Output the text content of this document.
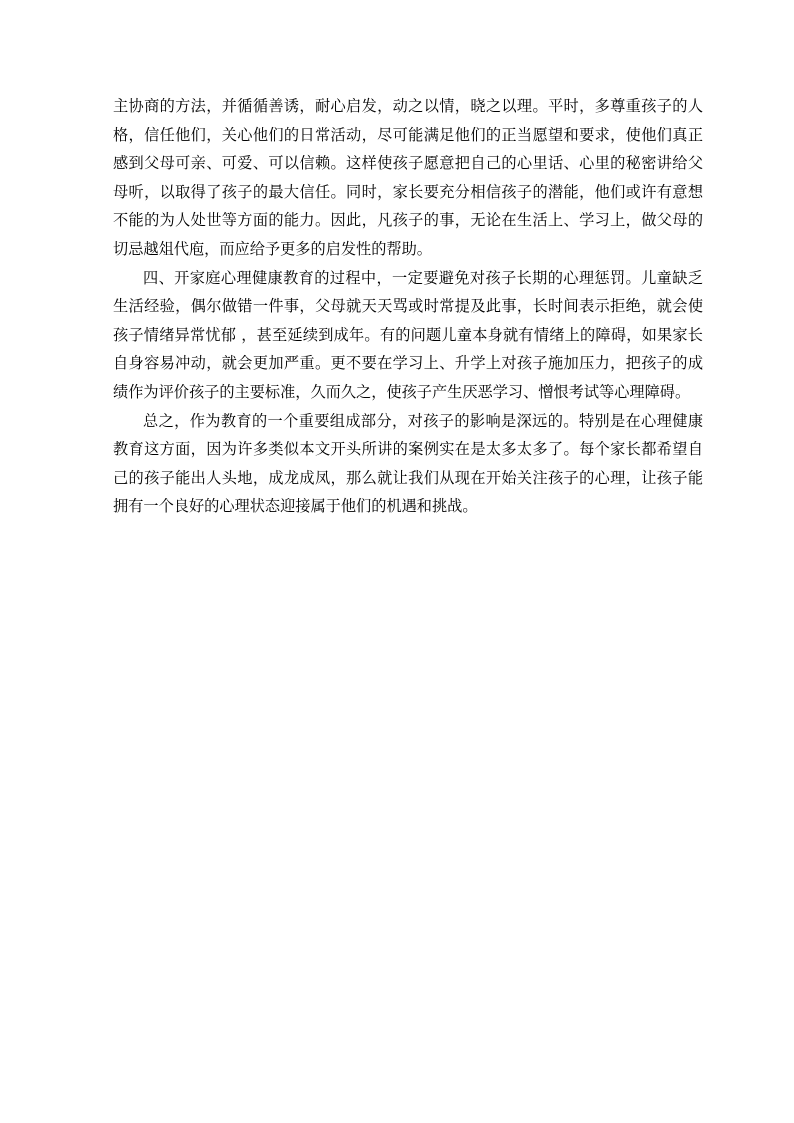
主协商的方法，并循循善诱，耐心启发，动之以情，晓之以理。平时，多尊重孩子的人格，信任他们，关心他们的日常活动，尽可能满足他们的正当愿望和要求，使他们真正感到父母可亲、可爱、可以信赖。这样使孩子愿意把自己的心里话、心里的秘密讲给父母听，以取得了孩子的最大信任。同时，家长要充分相信孩子的潜能，他们或许有意想不能的为人处世等方面的能力。因此，凡孩子的事，无论在生活上、学习上，做父母的切忌越俎代庖，而应给予更多的启发性的帮助。

四、开家庭心理健康教育的过程中，一定要避免对孩子长期的心理惩罚。儿童缺乏生活经验，偶尔做错一件事，父母就天天骂或时常提及此事，长时间表示拒绝，就会使孩子情绪异常忧郁 ，甚至延续到成年。有的问题儿童本身就有情绪上的障碍，如果家长自身容易冲动，就会更加严重。更不要在学习上、升学上对孩子施加压力，把孩子的成绩作为评价孩子的主要标准，久而久之，使孩子产生厌恶学习、憎恨考试等心理障碍。

总之，作为教育的一个重要组成部分，对孩子的影响是深远的。特别是在心理健康教育这方面，因为许多类似本文开头所讲的案例实在是太多太多了。每个家长都希望自己的孩子能出人头地，成龙成凤，那么就让我们从现在开始关注孩子的心理，让孩子能拥有一个良好的心理状态迎接属于他们的机遇和挑战。
